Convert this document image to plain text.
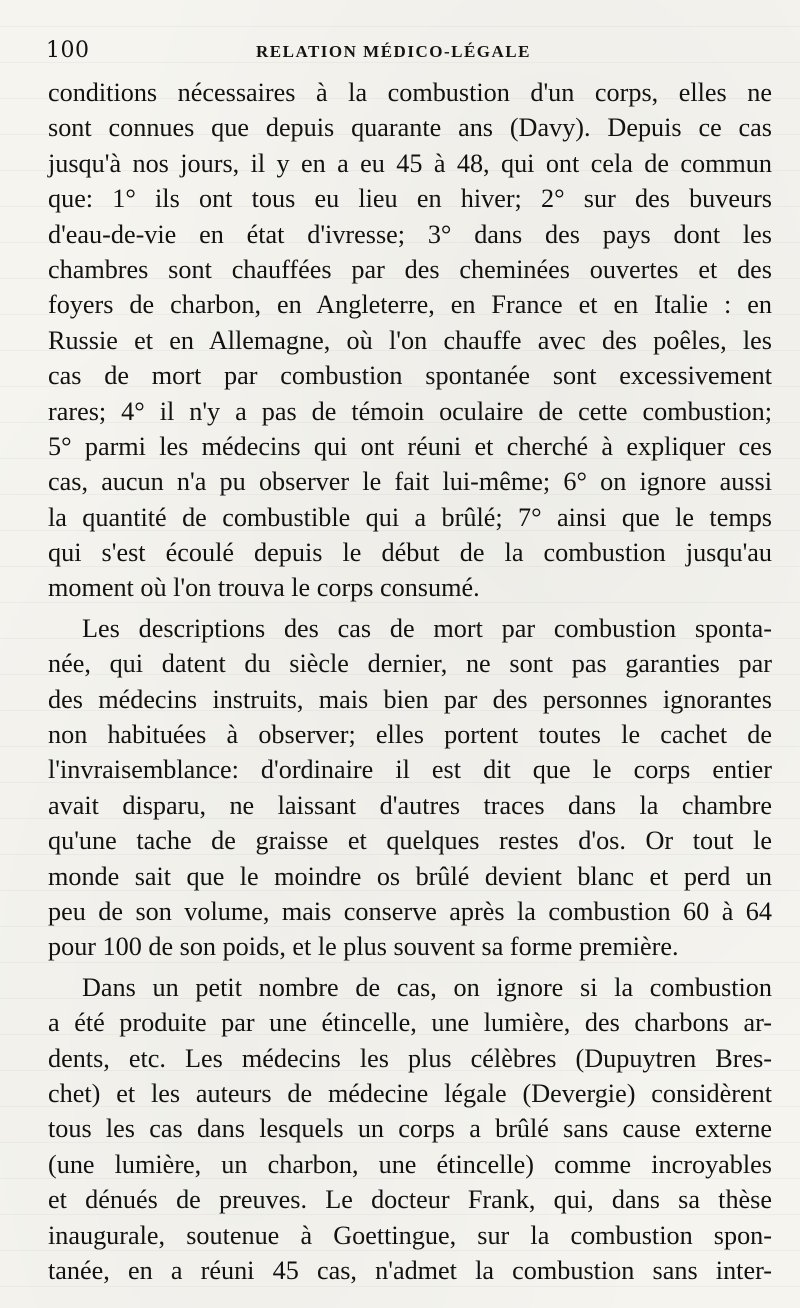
100	RELATION MÉDICO-LÉGALE
conditions nécessaires à la combustion d'un corps, elles ne
sont connues que depuis quarante ans (Davy). Depuis ce cas
jusqu'à nos jours, il y en a eu 45 à 48, qui ont cela de commun
que: 1° ils ont tous eu lieu en hiver; 2° sur des buveurs
d'eau-de-vie en état d'ivresse; 3° dans des pays dont les
chambres sont chauffées par des cheminées ouvertes et des
foyers de charbon, en Angleterre, en France et en Italie : en
Russie et en Allemagne, où l'on chauffe avec des poêles, les
cas de mort par combustion spontanée sont excessivement
rares; 4° il n'y a pas de témoin oculaire de cette combustion;
5° parmi les médecins qui ont réuni et cherché à expliquer ces
cas, aucun n'a pu observer le fait lui-même; 6° on ignore aussi
la quantité de combustible qui a brûlé; 7° ainsi que le temps
qui s'est écoulé depuis le début de la combustion jusqu'au
moment où l'on trouva le corps consumé.
Les descriptions des cas de mort par combustion sponta-
née, qui datent du siècle dernier, ne sont pas garanties par
des médecins instruits, mais bien par des personnes ignorantes
non habituées à observer; elles portent toutes le cachet de
l'invraisemblance: d'ordinaire il est dit que le corps entier
avait disparu, ne laissant d'autres traces dans la chambre
qu'une tache de graisse et quelques restes d'os. Or tout le
monde sait que le moindre os brûlé devient blanc et perd un
peu de son volume, mais conserve après la combustion 60 à 64
pour 100 de son poids, et le plus souvent sa forme première.
Dans un petit nombre de cas, on ignore si la combustion
a été produite par une étincelle, une lumière, des charbons ar-
dents, etc. Les médecins les plus célèbres (Dupuytren Bres-
chet) et les auteurs de médecine légale (Devergie) considèrent
tous les cas dans lesquels un corps a brûlé sans cause externe
(une lumière, un charbon, une étincelle) comme incroyables
et dénués de preuves. Le docteur Frank, qui, dans sa thèse
inaugurale, soutenue à Goettingue, sur la combustion spon-
tanée, en a réuni 45 cas, n'admet la combustion sans inter-
